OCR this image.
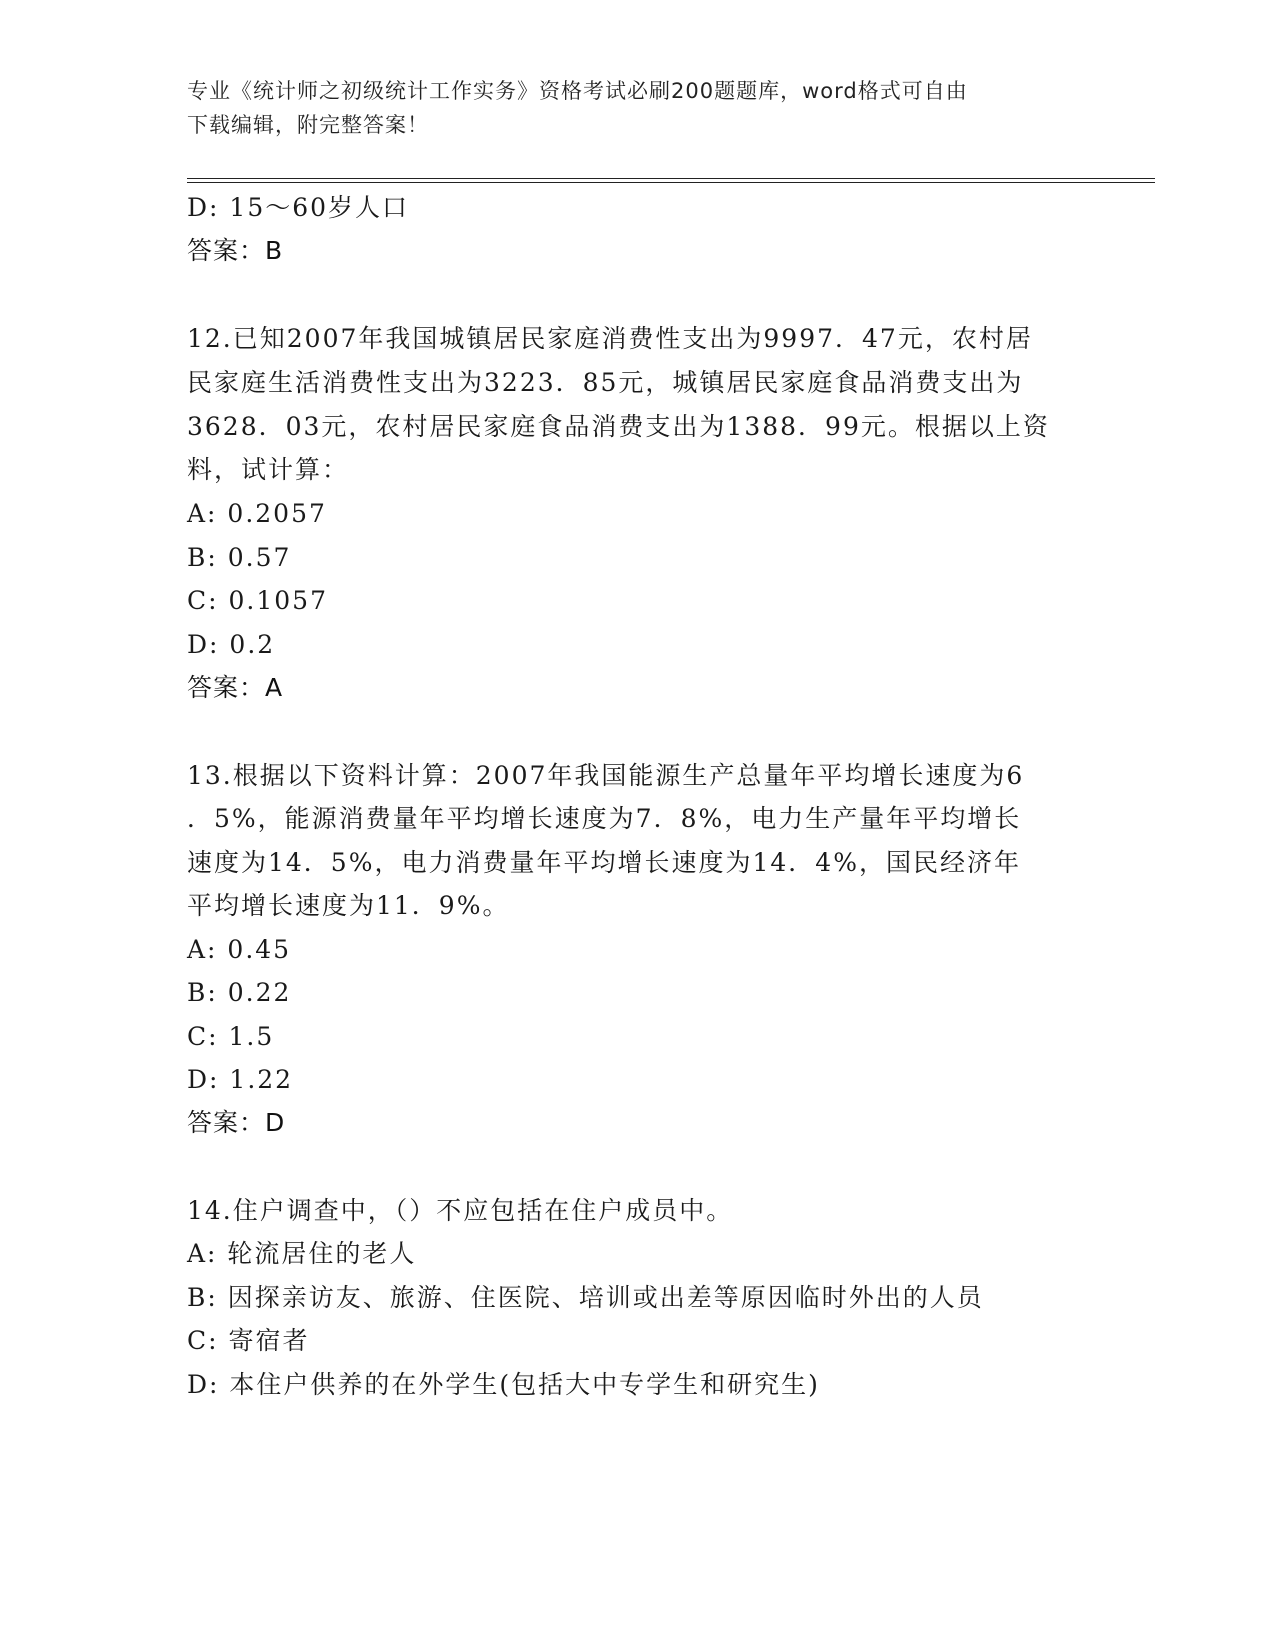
专业《统计师之初级统计工作实务》资格考试必刷200题题库，word格式可自由
下载编辑，附完整答案！
D: 15～60岁人口
答案：B
12.已知2007年我国城镇居民家庭消费性支出为9997．47元，农村居
民家庭生活消费性支出为3223．85元，城镇居民家庭食品消费支出为
3628．03元，农村居民家庭食品消费支出为1388．99元。根据以上资
料，试计算：
A: 0.2057
B: 0.57
C: 0.1057
D: 0.2
答案：A
13.根据以下资料计算：2007年我国能源生产总量年平均增长速度为6
．5%，能源消费量年平均增长速度为7．8%，电力生产量年平均增长
速度为14．5%，电力消费量年平均增长速度为14．4%，国民经济年
平均增长速度为11．9%。
A: 0.45
B: 0.22
C: 1.5
D: 1.22
答案：D
14.住户调查中，（）不应包括在住户成员中。
A: 轮流居住的老人
B: 因探亲访友、旅游、住医院、培训或出差等原因临时外出的人员
C: 寄宿者
D: 本住户供养的在外学生(包括大中专学生和研究生)
